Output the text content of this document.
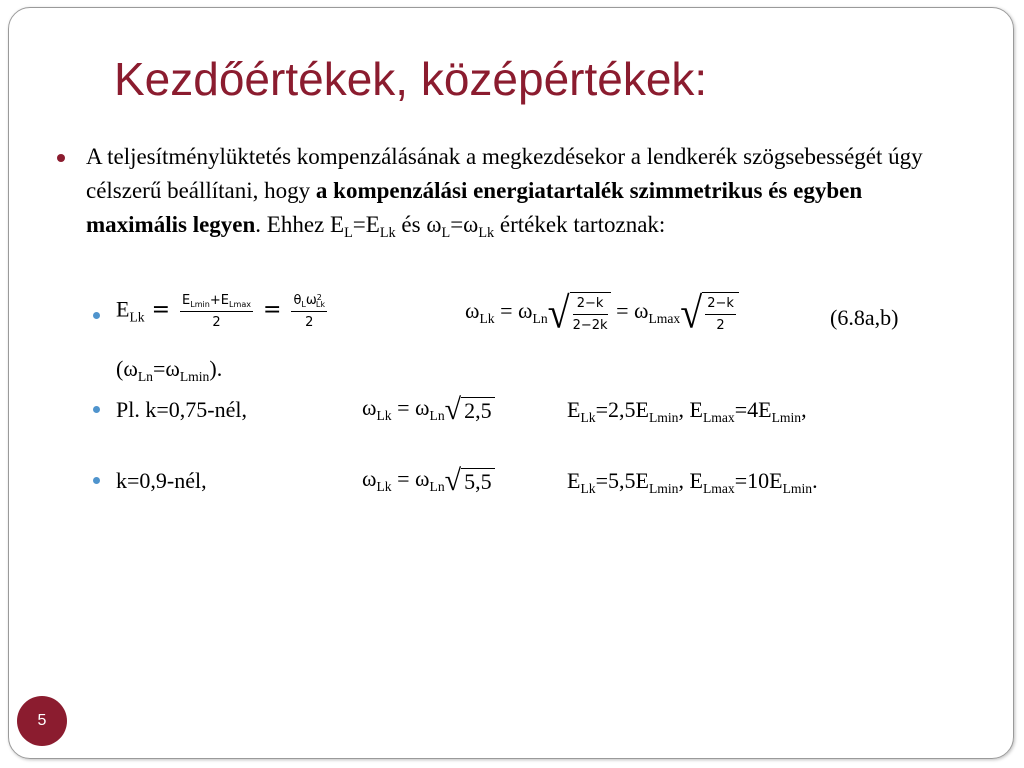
Kezdőértékek, középértékek:
A teljesítménylüktetés kompenzálásának a megkezdésekor a lendkerék szögsebességét úgy célszerű beállítani, hogy a kompenzálási energiatartalék szimmetrikus és egyben maximális legyen. Ehhez $E_L=E_{Lk}$ és $\omega_L=\omega_{Lk}$ értékek tartoznak:
$E_{Lk} = \frac{E_{Lmin}+E_{Lmax}}{2} = \frac{\theta_L\omega^2_{Lk}}{2}$	$\omega_{Lk} = \omega_{Ln}√ \frac{2-k}{2-2k} = \omega_{Lmax}√ \frac{2-k}{2}$	(6.8a,b)
$(\omega_{Ln}=\omega_{Lmin})$.
Pl. k=0,75-nél,	$\omega_{Lk} = \omega_{Ln}√$ 2,5	$E_{Lk}=2,5E_{Lmin}$, $E_{Lmax}=4E_{Lmin}$,
k=0,9-nél,	$\omega_{Lk} = \omega_{Ln}√$ 5,5	$E_{Lk}=5,5E_{Lmin}$, $E_{Lmax}=10E_{Lmin}$.
5
